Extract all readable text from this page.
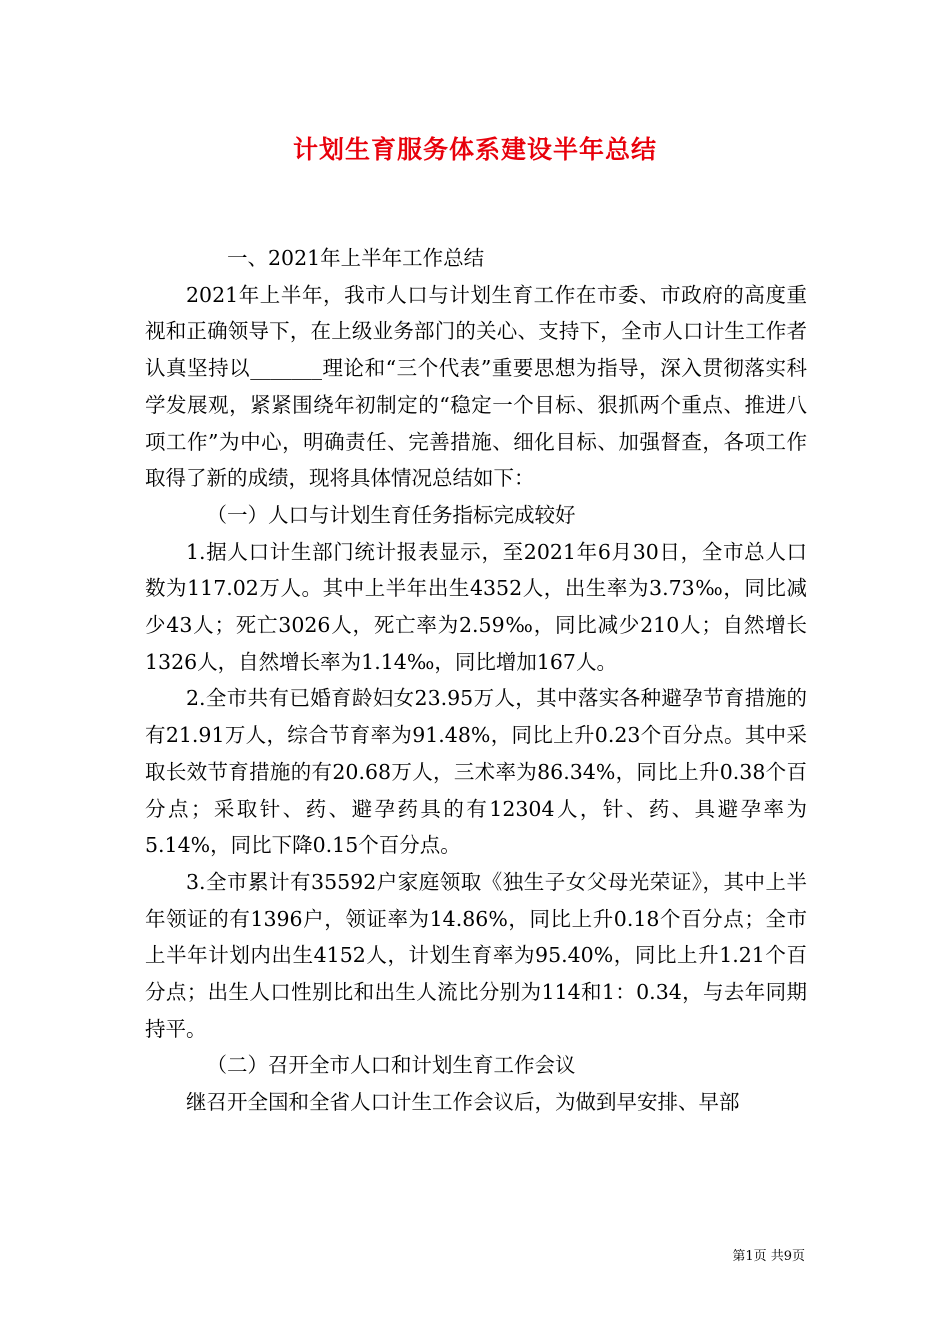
计划生育服务体系建设半年总结

一、2021年上半年工作总结

2021年上半年，我市人口与计划生育工作在市委、市政府的高度重视和正确领导下，在上级业务部门的关心、支持下，全市人口计生工作者认真坚持以_______理论和“三个代表”重要思想为指导，深入贯彻落实科学发展观，紧紧围绕年初制定的“稳定一个目标、狠抓两个重点、推进八项工作”为中心，明确责任、完善措施、细化目标、加强督查，各项工作取得了新的成绩，现将具体情况总结如下：

（一）人口与计划生育任务指标完成较好

1.据人口计生部门统计报表显示，至2021年6月30日，全市总人口数为117.02万人。其中上半年出生4352人，出生率为3.73‰，同比减少43人；死亡3026人，死亡率为2.59‰，同比减少210人；自然增长1326人，自然增长率为1.14‰，同比增加167人。

2.全市共有已婚育龄妇女23.95万人，其中落实各种避孕节育措施的有21.91万人，综合节育率为91.48%，同比上升0.23个百分点。其中采取长效节育措施的有20.68万人，三术率为86.34%，同比上升0.38个百分点；采取针、药、避孕药具的有12304人，针、药、具避孕率为5.14%，同比下降0.15个百分点。

3.全市累计有35592户家庭领取《独生子女父母光荣证》，其中上半年领证的有1396户，领证率为14.86%，同比上升0.18个百分点；全市上半年计划内出生4152人，计划生育率为95.40%，同比上升1.21个百分点；出生人口性别比和出生人流比分别为114和1：0.34，与去年同期持平。

（二）召开全市人口和计划生育工作会议

继召开全国和全省人口计生工作会议后，为做到早安排、早部

第1页 共9页
